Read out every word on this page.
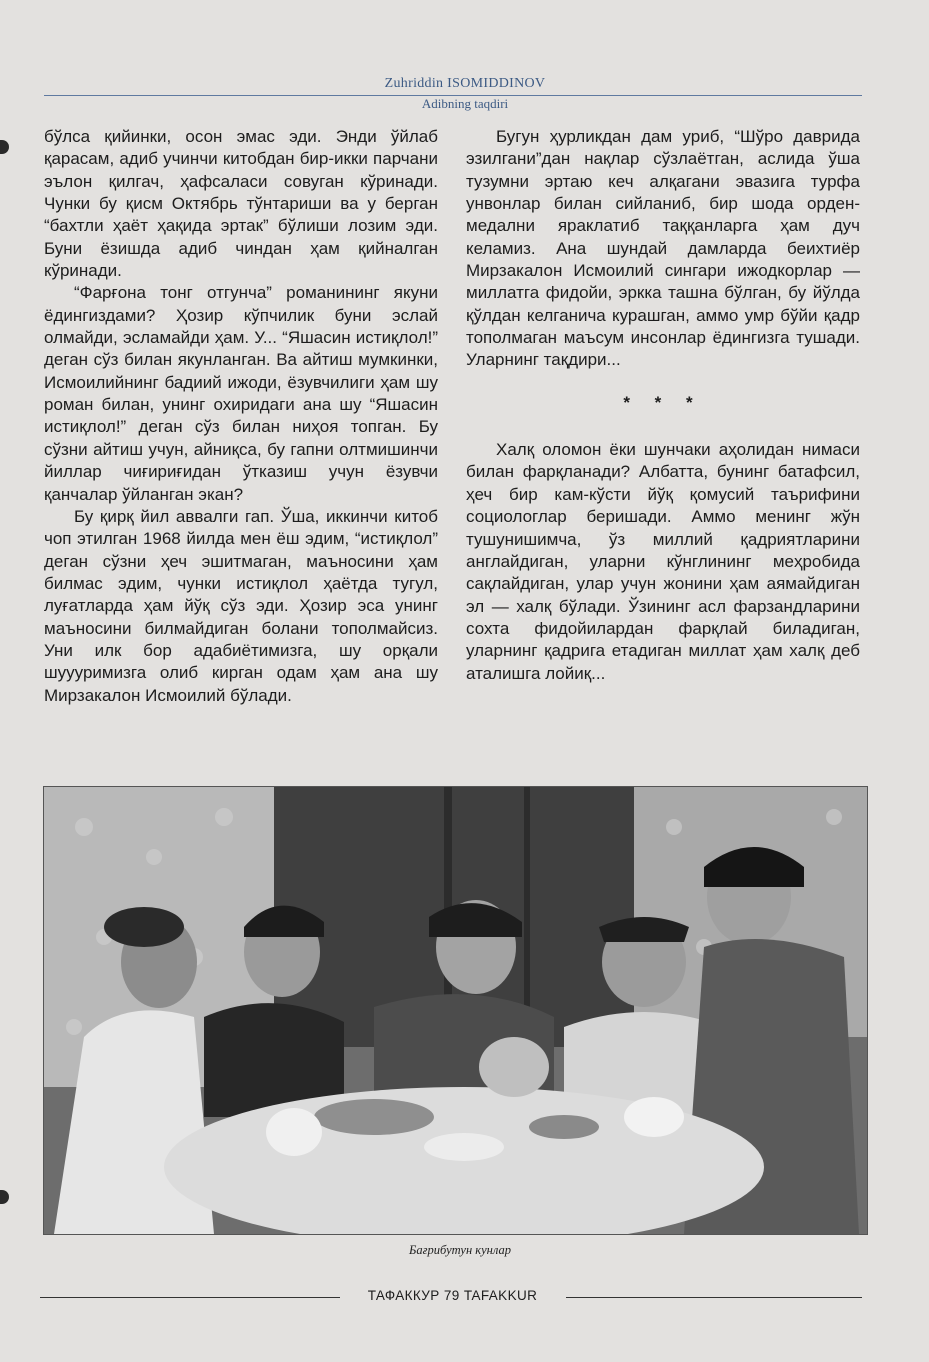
Zuhriddin ISOMIDDINOV
Adibning taqdiri

бўлса қийинки, осон эмас эди. Энди ўйлаб қарасам, адиб учинчи китобдан бир-икки парчани эълон қилгач, ҳафсаласи совуган кўринади. Чунки бу қисм Октябрь тўнтариши ва у берган “бахтли ҳаёт ҳақида эртак” бўлиши лозим эди. Буни ёзишда адиб чиндан ҳам қийналган кўринади.

“Фарғона тонг отгунча” романининг якуни ёдингиздами? Ҳозир кўпчилик буни эслай олмайди, эсламайди ҳам. У... “Яшасин истиқлол!” деган сўз билан якунланган. Ва айтиш мумкинки, Исмоилийнинг бадиий ижоди, ёзувчилиги ҳам шу роман билан, унинг охиридаги ана шу “Яшасин истиқлол!” деган сўз билан ниҳоя топган. Бу сўзни айтиш учун, айниқса, бу гапни олтмишинчи йиллар чиғириғидан ўтказиш учун ёзувчи қанчалар ўйланган экан?

Бу қирқ йил аввалги гап. Ўша, иккинчи китоб чоп этилган 1968 йилда мен ёш эдим, “истиқлол” деган сўзни ҳеч эшитмаган, маъносини ҳам билмас эдим, чунки истиқлол ҳаётда тугул, луғатларда ҳам йўқ сўз эди. Ҳозир эса унинг маъносини билмайдиган болани тополмайсиз. Уни илк бор адабиётимизга, шу орқали шуууримизга олиб кирган одам ҳам ана шу Мирзакалон Исмоилий бўлади.

Бугун ҳурликдан дам уриб, “Шўро даврида эзилгани”дан нақлар сўзлаётган, аслида ўша тузумни эртаю кеч алқагани эвазига турфа унвонлар билан сийланиб, бир шода орден-медални яраклатиб таққанларга ҳам дуч келамиз. Ана шундай дамларда беихтиёр Мирзакалон Исмоилий сингари ижодкорлар — миллатга фидойи, эркка ташна бўлган, бу йўлда қўлдан келганича курашган, аммо умр бўйи қадр тополмаган маъсум инсонлар ёдингизга тушади. Уларнинг тақдири...

* * *

Халқ оломон ёки шунчаки аҳолидан нимаси билан фарқланади? Албатта, бунинг батафсил, ҳеч бир кам-кўсти йўқ қомусий таърифини социологлар беришади. Аммо менинг жўн тушунишимча, ўз миллий қадриятларини англайдиган, уларни кўнглининг меҳробида сақлайдиган, улар учун жонини ҳам аямайдиган эл — халқ бўлади. Ўзининг асл фарзандларини сохта фидойилардан фарқлай биладиган, уларнинг қадрига етадиган миллат ҳам халқ деб аталишга лойиқ...

Бағрибутун кунлар
ТАФАККУР 79 TAFAKKUR
